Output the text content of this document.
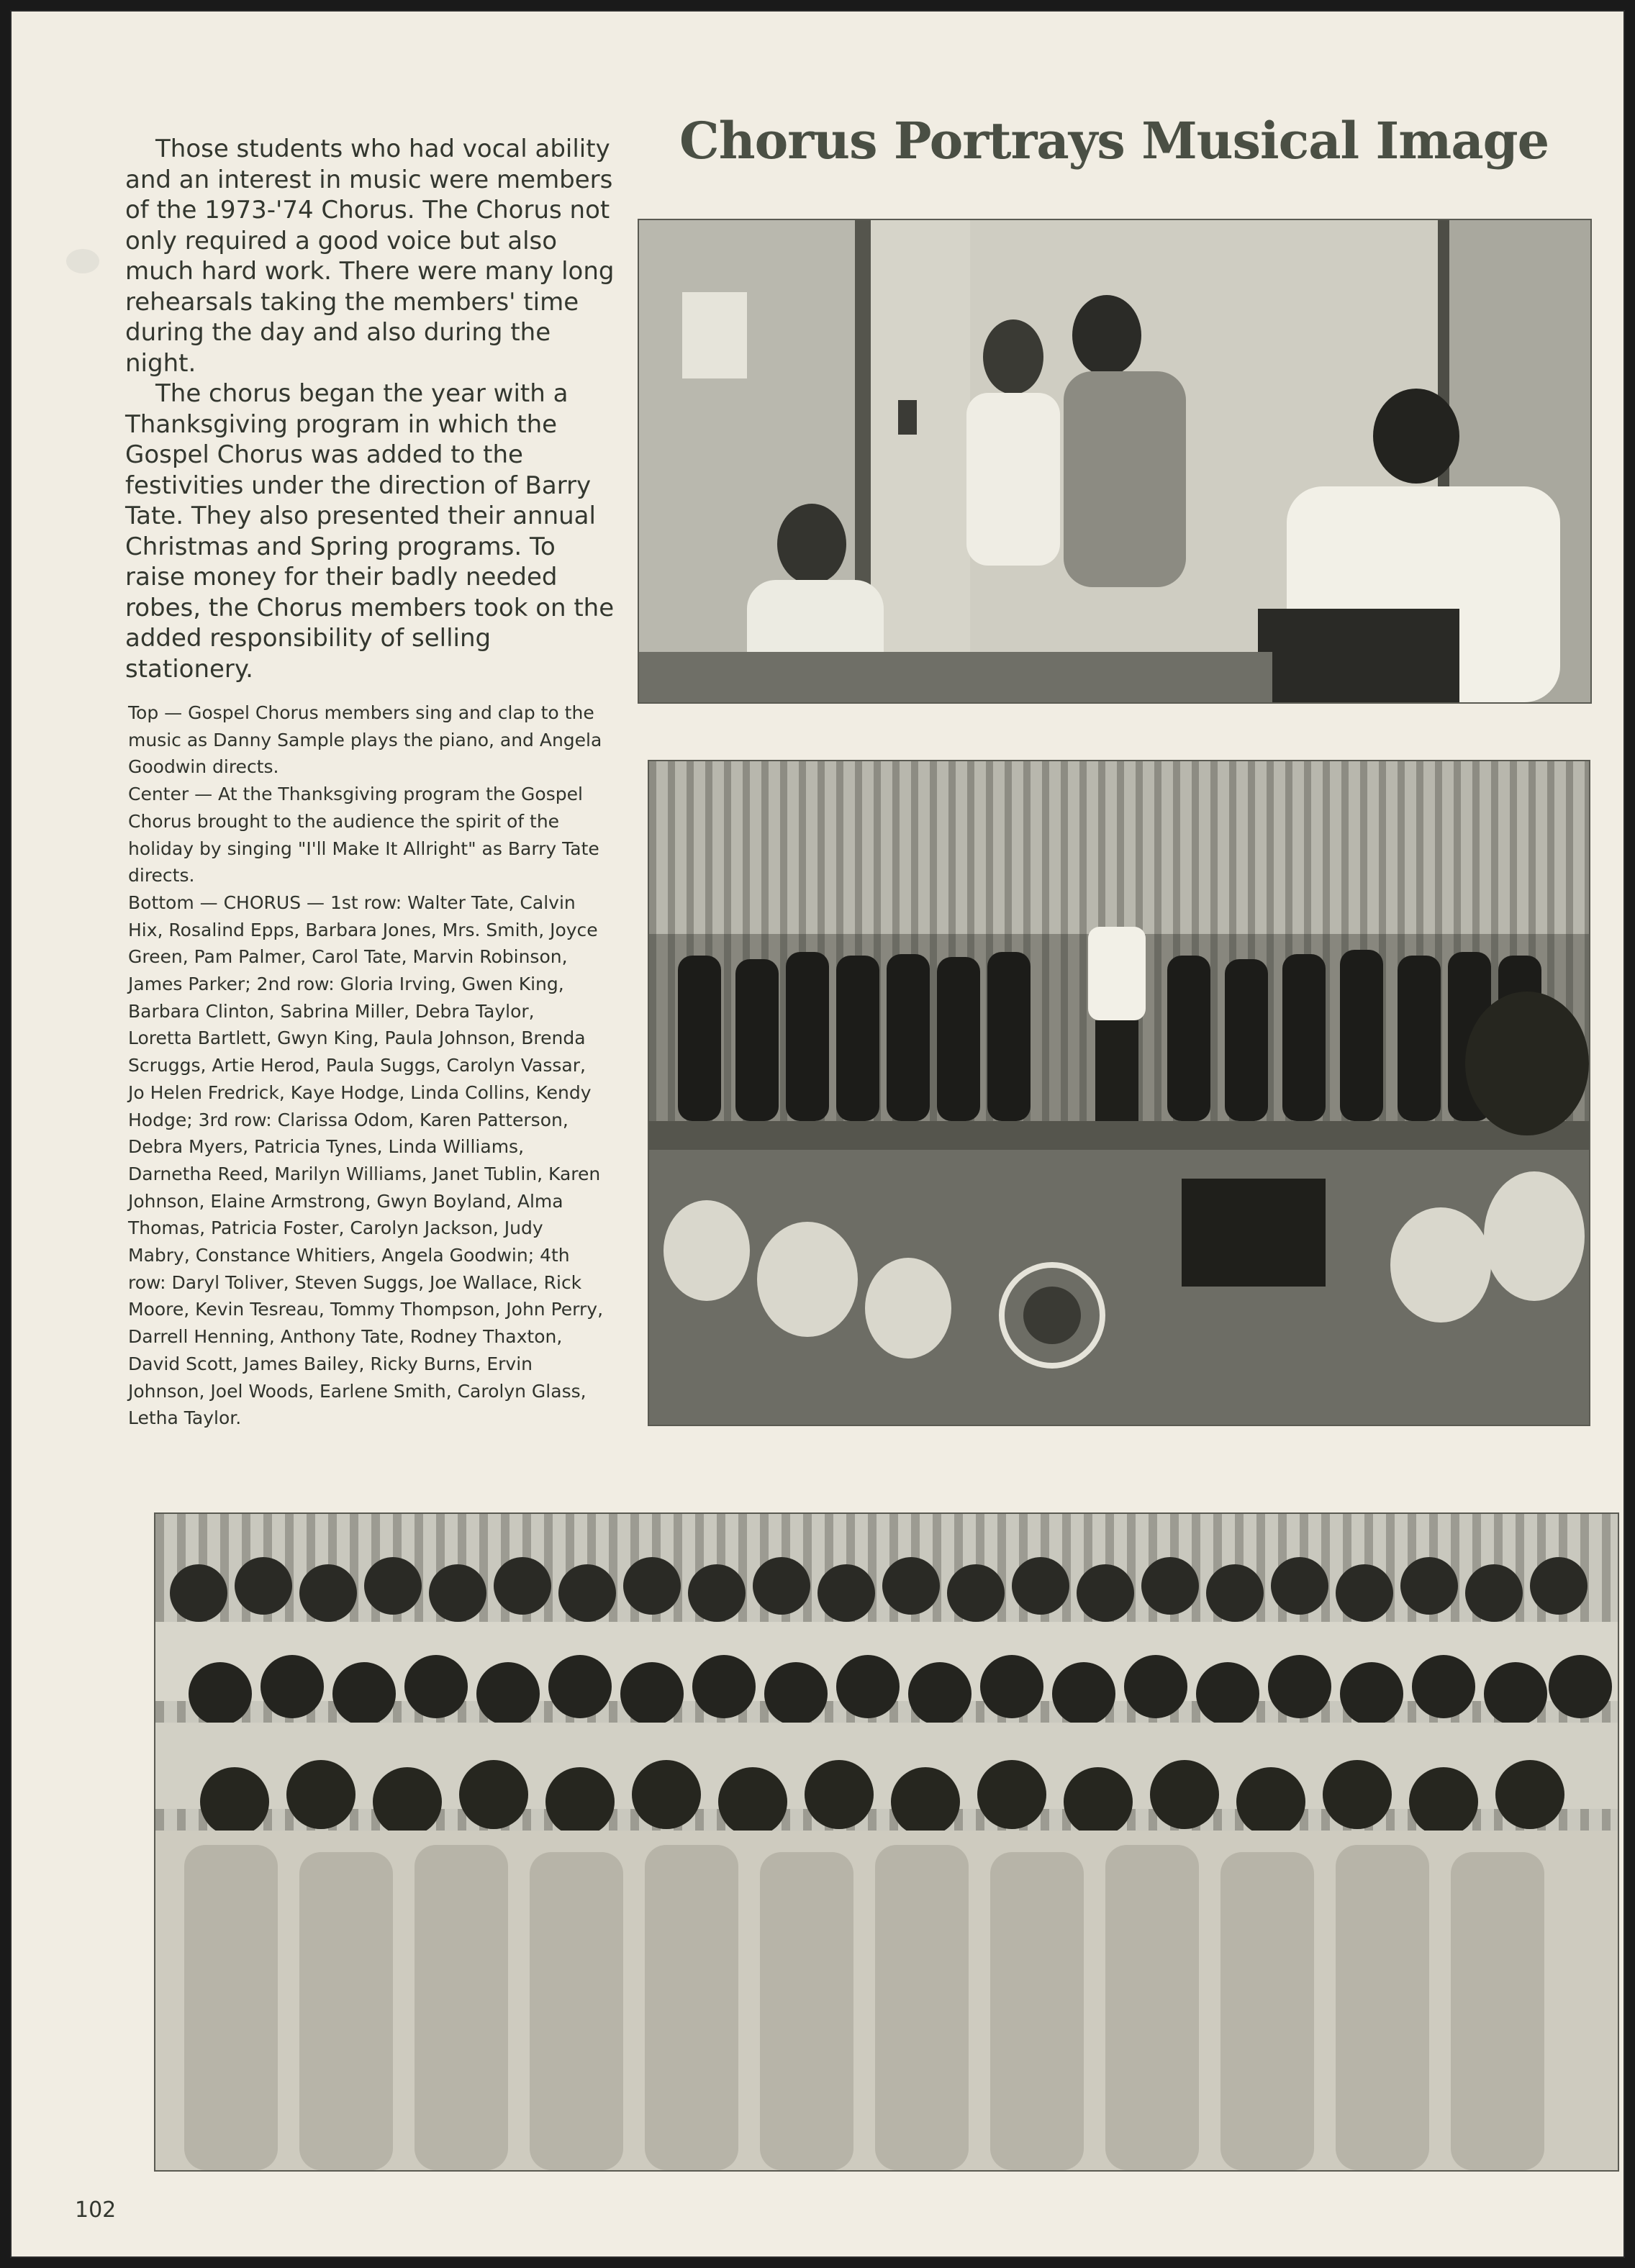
Chorus Portrays Musical Image

Those students who had vocal ability and an interest in music were members of the 1973-'74 Chorus. The Chorus not only required a good voice but also much hard work. There were many long rehearsals taking the members' time during the day and also during the night.

The chorus began the year with a Thanksgiving program in which the Gospel Chorus was added to the festivities under the direction of Barry Tate. They also presented their annual Christmas and Spring programs. To raise money for their badly needed robes, the Chorus members took on the added responsibility of selling stationery.

Top — Gospel Chorus members sing and clap to the music as Danny Sample plays the piano, and Angela Goodwin directs.

Center — At the Thanksgiving program the Gospel Chorus brought to the audience the spirit of the holiday by singing "I'll Make It Allright" as Barry Tate directs.

Bottom — CHORUS — 1st row: Walter Tate, Calvin Hix, Rosalind Epps, Barbara Jones, Mrs. Smith, Joyce Green, Pam Palmer, Carol Tate, Marvin Robinson, James Parker; 2nd row: Gloria Irving, Gwen King, Barbara Clinton, Sabrina Miller, Debra Taylor, Loretta Bartlett, Gwyn King, Paula Johnson, Brenda Scruggs, Artie Herod, Paula Suggs, Carolyn Vassar, Jo Helen Fredrick, Kaye Hodge, Linda Collins, Kendy Hodge; 3rd row: Clarissa Odom, Karen Patterson, Debra Myers, Patricia Tynes, Linda Williams, Darnetha Reed, Marilyn Williams, Janet Tublin, Karen Johnson, Elaine Armstrong, Gwyn Boyland, Alma Thomas, Patricia Foster, Carolyn Jackson, Judy Mabry, Constance Whitiers, Angela Goodwin; 4th row: Daryl Toliver, Steven Suggs, Joe Wallace, Rick Moore, Kevin Tesreau, Tommy Thompson, John Perry, Darrell Henning, Anthony Tate, Rodney Thaxton, David Scott, James Bailey, Ricky Burns, Ervin Johnson, Joel Woods, Earlene Smith, Carolyn Glass, Letha Taylor.

102
